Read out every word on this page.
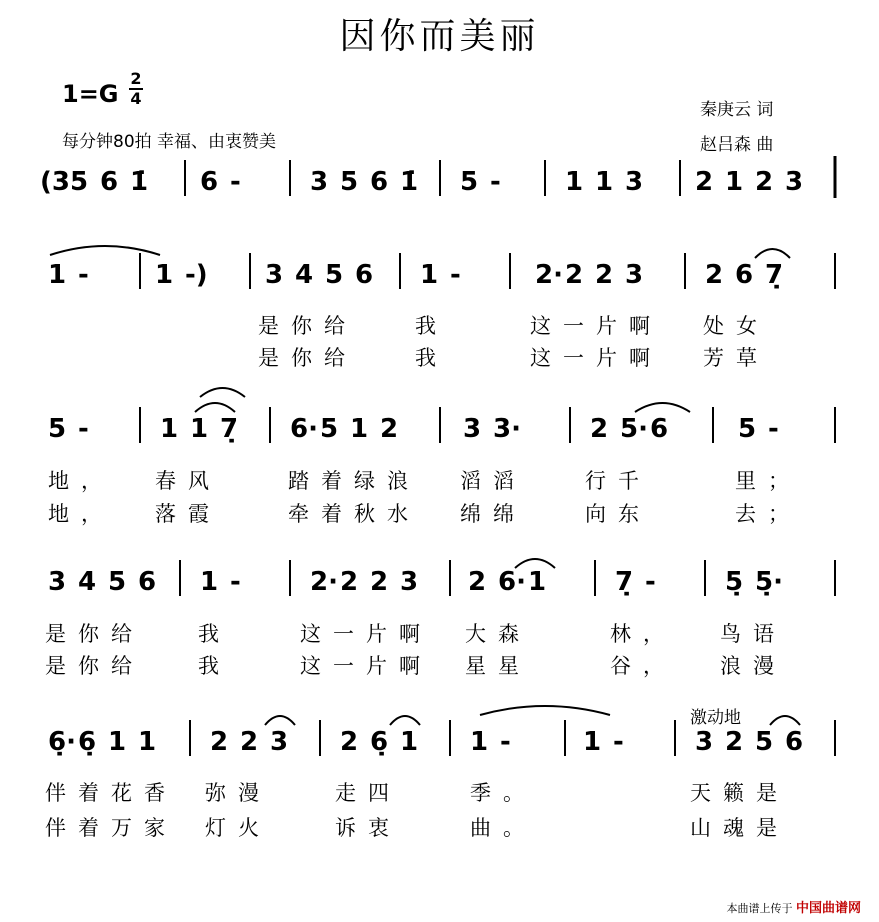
因你而美丽
1=G
2
4
每分钟80拍 幸福、由衷赞美
秦庚云 词
赵吕森 曲
激动地
(3 5 6 1̇ 6 -	3 5 6 1̇ 5 - 1 1 3 2 1 2 3
1 -	1 -) 3 4 5 6 1 -	2· 2 2 3 2 6 7̣
是你给	我	这一片啊 处女
是你给	我	这一片啊 芳草
5 -	1 1 7̣ 6· 5 1 2 3 3·	2 5· 6	5 -
地， 春风	踏着绿浪 滔滔	行千	里；
地， 落霞	牵着秋水 绵绵	向东	去；
3 4 5 6 1 -	2· 2 2 3 2 6· 1	7̣ -	5̣ 5̣·
是你给	我	这一片啊 大森	林， 鸟语
是你给	我	这一片啊 星星	谷， 浪漫
6̣· 6̣ 1 1 2 2 3 2 6̣ 1 1 -	1 -	3 2 5 6
伴着花香 弥漫	走四	季。	天籁是
伴着万家 灯火	诉衷	曲。	山魂是
本曲谱上传于 中国曲谱网
